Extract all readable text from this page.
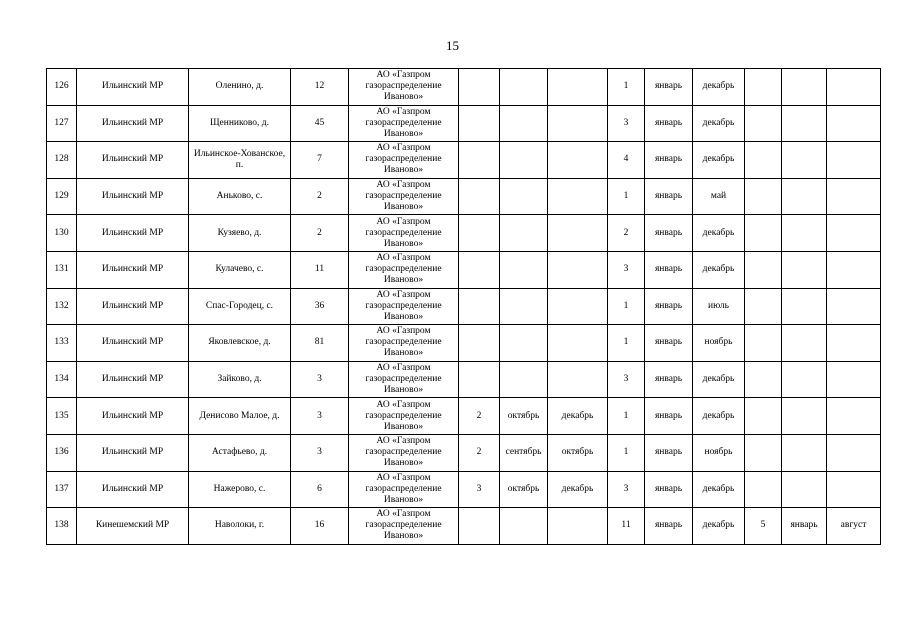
15
126	Ильинский МР	Оленино, д.	12	АО «Газпром газораспределение Иваново»				1	январь	декабрь			
127	Ильинский МР	Щенниково, д.	45	АО «Газпром газораспределение Иваново»				3	январь	декабрь			
128	Ильинский МР	Ильинское-Хованское, п.	7	АО «Газпром газораспределение Иваново»				4	январь	декабрь			
129	Ильинский МР	Аньково, с.	2	АО «Газпром газораспределение Иваново»				1	январь	май			
130	Ильинский МР	Кузяево, д.	2	АО «Газпром газораспределение Иваново»				2	январь	декабрь			
131	Ильинский МР	Кулачево, с.	11	АО «Газпром газораспределение Иваново»				3	январь	декабрь			
132	Ильинский МР	Спас-Городец, с.	36	АО «Газпром газораспределение Иваново»				1	январь	июль			
133	Ильинский МР	Яковлевское, д.	81	АО «Газпром газораспределение Иваново»				1	январь	ноябрь			
134	Ильинский МР	Зайково, д.	3	АО «Газпром газораспределение Иваново»				3	январь	декабрь			
135	Ильинский МР	Денисово Малое, д.	3	АО «Газпром газораспределение Иваново»	2	октябрь	декабрь	1	январь	декабрь			
136	Ильинский МР	Астафьево, д.	3	АО «Газпром газораспределение Иваново»	2	сентябрь	октябрь	1	январь	ноябрь			
137	Ильинский МР	Нажерово, с.	6	АО «Газпром газораспределение Иваново»	3	октябрь	декабрь	3	январь	декабрь			
138	Кинешемский МР	Наволоки, г.	16	АО «Газпром газораспределение Иваново»				11	январь	декабрь	5	январь	август
